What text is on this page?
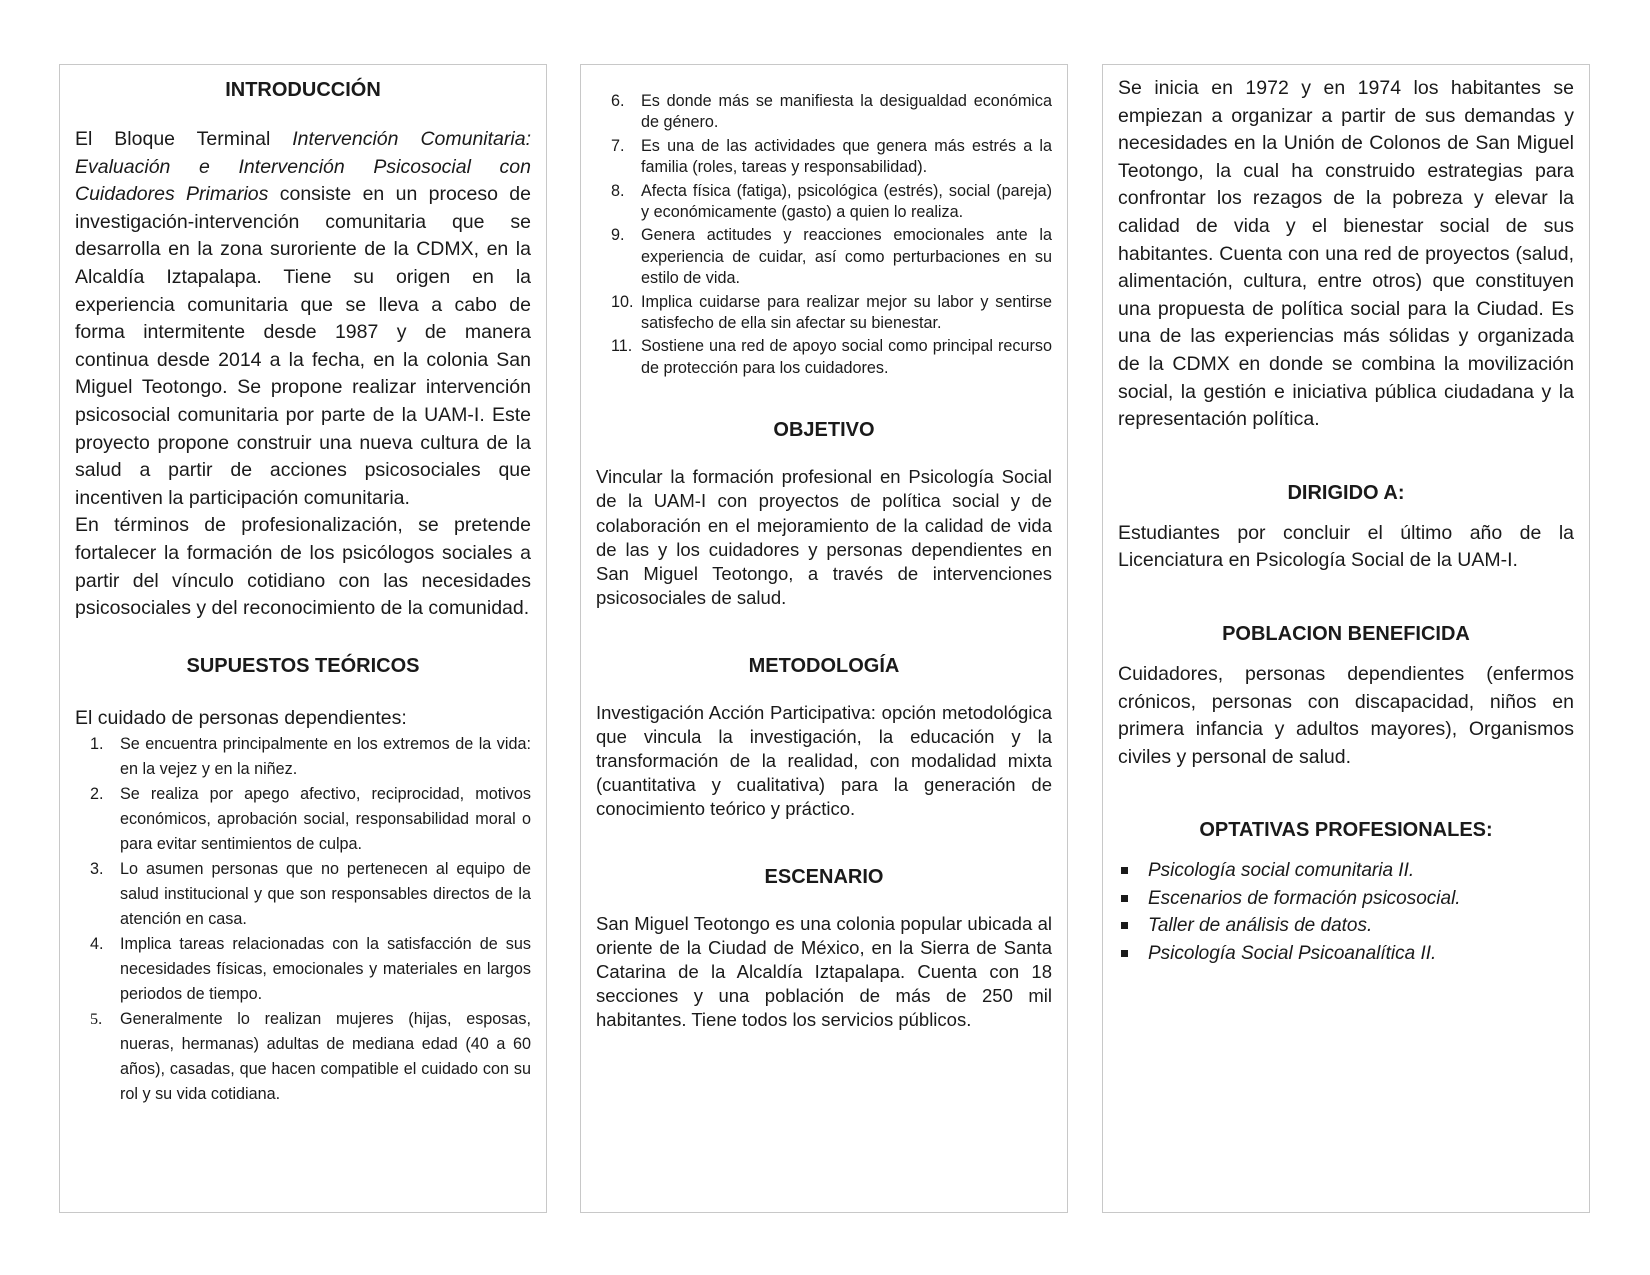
INTRODUCCIÓN

El Bloque Terminal Intervención Comunitaria: Evaluación e Intervención Psicosocial con Cuidadores Primarios consiste en un proceso de investigación-intervención comunitaria que se desarrolla en la zona suroriente de la CDMX, en la Alcaldía Iztapalapa. Tiene su origen en la experiencia comunitaria que se lleva a cabo de forma intermitente desde 1987 y de manera continua desde 2014 a la fecha, en la colonia San Miguel Teotongo. Se propone realizar intervención psicosocial comunitaria por parte de la UAM-I. Este proyecto propone construir una nueva cultura de la salud a partir de acciones psicosociales que incentiven la participación comunitaria.

En términos de profesionalización, se pretende fortalecer la formación de los psicólogos sociales a partir del vínculo cotidiano con las necesidades psicosociales y del reconocimiento de la comunidad.

SUPUESTOS TEÓRICOS

El cuidado de personas dependientes:

1. Se encuentra principalmente en los extremos de la vida: en la vejez y en la niñez.
2. Se realiza por apego afectivo, reciprocidad, motivos económicos, aprobación social, responsabilidad moral o para evitar sentimientos de culpa.
3. Lo asumen personas que no pertenecen al equipo de salud institucional y que son responsables directos de la atención en casa.
4. Implica tareas relacionadas con la satisfacción de sus necesidades físicas, emocionales y materiales en largos periodos de tiempo.
5. Generalmente lo realizan mujeres (hijas, esposas, nueras, hermanas) adultas de mediana edad (40 a 60 años), casadas, que hacen compatible el cuidado con su rol y su vida cotidiana.
6. Es donde más se manifiesta la desigualdad económica de género.
7. Es una de las actividades que genera más estrés a la familia (roles, tareas y responsabilidad).
8. Afecta física (fatiga), psicológica (estrés), social (pareja) y económicamente (gasto) a quien lo realiza.
9. Genera actitudes y reacciones emocionales ante la experiencia de cuidar, así como perturbaciones en su estilo de vida.
10. Implica cuidarse para realizar mejor su labor y sentirse satisfecho de ella sin afectar su bienestar.
11. Sostiene una red de apoyo social como principal recurso de protección para los cuidadores.
OBJETIVO

Vincular la formación profesional en Psicología Social de la UAM-I con proyectos de política social y de colaboración en el mejoramiento de la calidad de vida de las y los cuidadores y personas dependientes en San Miguel Teotongo, a través de intervenciones psicosociales de salud.

METODOLOGÍA

Investigación Acción Participativa: opción metodológica que vincula la investigación, la educación y la transformación de la realidad, con modalidad mixta (cuantitativa y cualitativa) para la generación de conocimiento teórico y práctico.

ESCENARIO

San Miguel Teotongo es una colonia popular ubicada al oriente de la Ciudad de México, en la Sierra de Santa Catarina de la Alcaldía Iztapalapa. Cuenta con 18 secciones y una población de más de 250 mil habitantes. Tiene todos los servicios públicos.

Se inicia en 1972 y en 1974 los habitantes se empiezan a organizar a partir de sus demandas y necesidades en la Unión de Colonos de San Miguel Teotongo, la cual ha construido estrategias para confrontar los rezagos de la pobreza y elevar la calidad de vida y el bienestar social de sus habitantes. Cuenta con una red de proyectos (salud, alimentación, cultura, entre otros) que constituyen una propuesta de política social para la Ciudad. Es una de las experiencias más sólidas y organizada de la CDMX en donde se combina la movilización social, la gestión e iniciativa pública ciudadana y la representación política.

DIRIGIDO A:

Estudiantes por concluir el último año de la Licenciatura en Psicología Social de la UAM-I.

POBLACION BENEFICIDA

Cuidadores, personas dependientes (enfermos crónicos, personas con discapacidad, niños en primera infancia y adultos mayores), Organismos civiles y personal de salud.

OPTATIVAS PROFESIONALES:
Psicología social comunitaria II.
Escenarios de formación psicosocial.
Taller de análisis de datos.
Psicología Social Psicoanalítica II.
